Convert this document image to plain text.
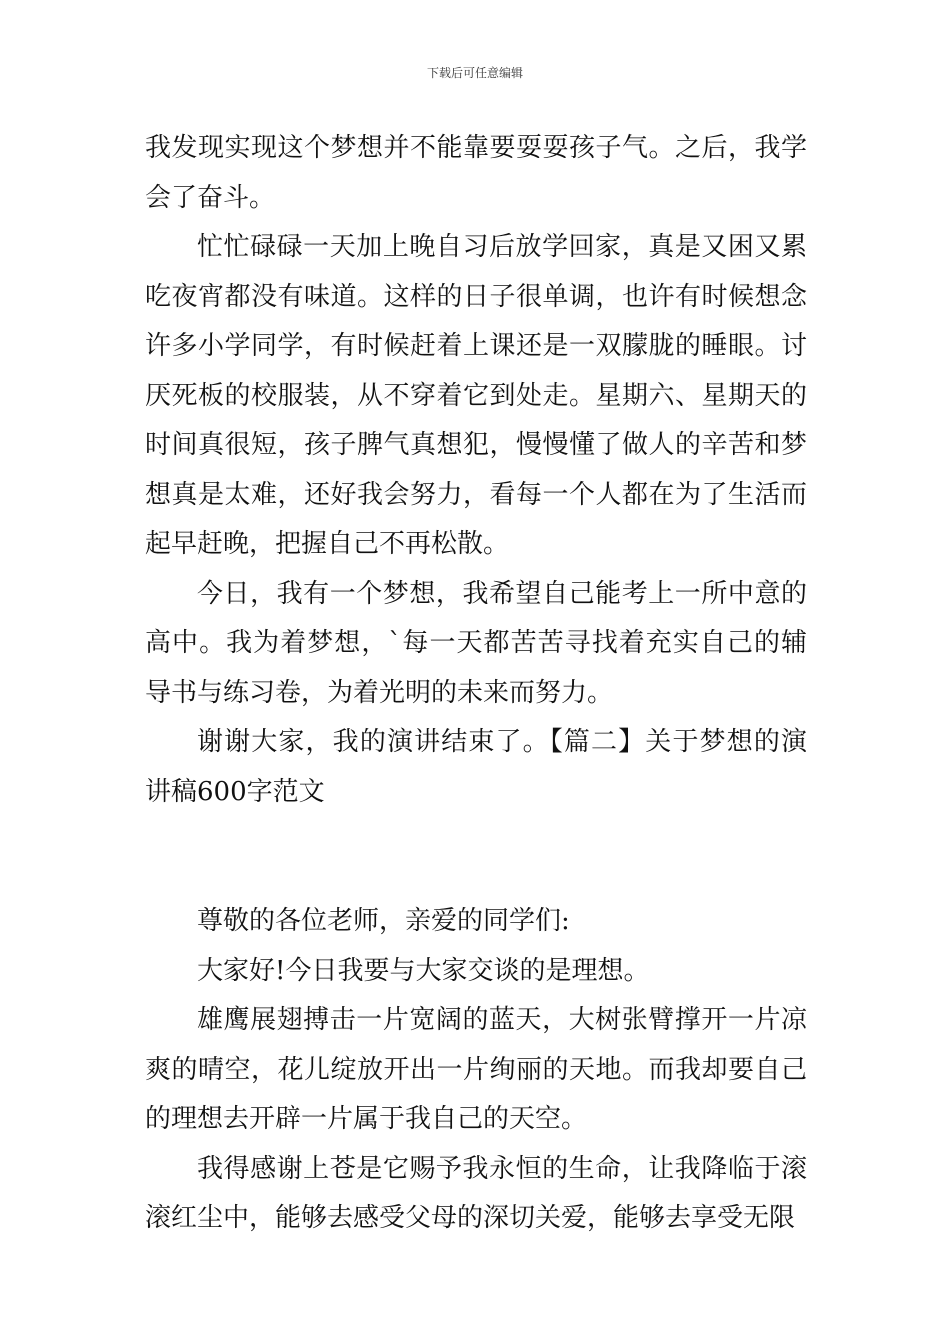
下载后可任意编辑

我发现实现这个梦想并不能靠要耍耍孩子气。之后，我学会了奋斗。

忙忙碌碌一天加上晚自习后放学回家，真是又困又累吃夜宵都没有味道。这样的日子很单调，也许有时候想念许多小学同学，有时候赶着上课还是一双朦胧的睡眼。讨厌死板的校服装，从不穿着它到处走。星期六、星期天的时间真很短，孩子脾气真想犯，慢慢懂了做人的辛苦和梦想真是太难，还好我会努力，看每一个人都在为了生活而起早赶晚，把握自己不再松散。

今日，我有一个梦想，我希望自己能考上一所中意的高中。我为着梦想，`每一天都苦苦寻找着充实自己的辅导书与练习卷，为着光明的未来而努力。

谢谢大家，我的演讲结束了。【篇二】关于梦想的演讲稿600字范文

尊敬的各位老师，亲爱的同学们:

大家好!今日我要与大家交谈的是理想。

雄鹰展翅搏击一片宽阔的蓝天，大树张臂撑开一片凉爽的晴空，花儿绽放开出一片绚丽的天地。而我却要自己的理想去开辟一片属于我自己的天空。

我得感谢上苍是它赐予我永恒的生命，让我降临于滚滚红尘中，能够去感受父母的深切关爱，能够去享受无限
